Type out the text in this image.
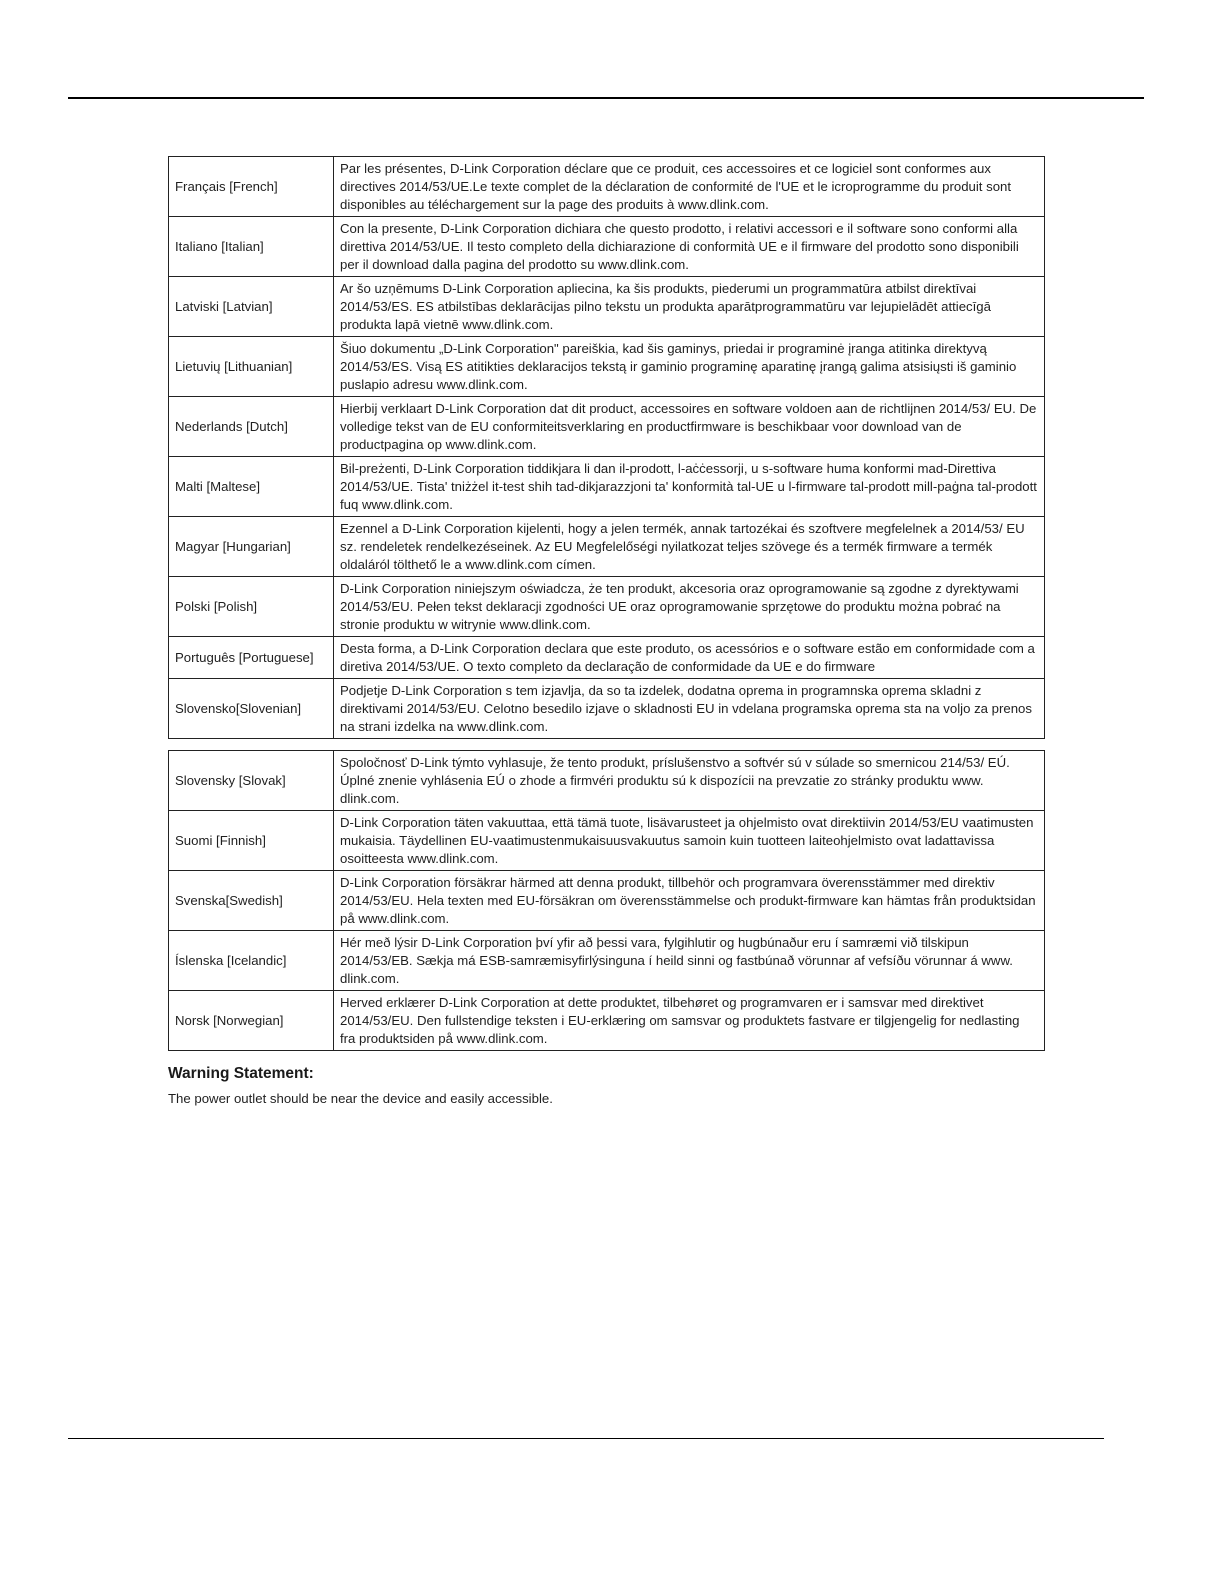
Français [French]	Par les présentes, D-Link Corporation déclare que ce produit, ces accessoires et ce logiciel sont conformes aux directives 2014/53/UE.Le texte complet de la déclaration de conformité de l'UE et le icroprogramme du produit sont disponibles au téléchargement sur la page des produits à www.dlink.com.
Italiano [Italian]	Con la presente, D-Link Corporation dichiara che questo prodotto, i relativi accessori e il software sono conformi alla direttiva 2014/53/UE. Il testo completo della dichiarazione di conformità UE e il firmware del prodotto sono disponibili per il download dalla pagina del prodotto su www.dlink.com.
Latviski [Latvian]	Ar šo uzņēmums D-Link Corporation apliecina, ka šis produkts, piederumi un programmatūra atbilst direktīvai 2014/53/ES. ES atbilstības deklarācijas pilno tekstu un produkta aparātprogrammatūru var lejupielādēt attiecīgā produkta lapā vietnē www.dlink.com.
Lietuvių [Lithuanian]	Šiuo dokumentu „D-Link Corporation" pareiškia, kad šis gaminys, priedai ir programinė įranga atitinka direktyvą 2014/53/ES. Visą ES atitikties deklaracijos tekstą ir gaminio programinę aparatinę įrangą galima atsisiųsti iš gaminio puslapio adresu www.dlink.com.
Nederlands [Dutch]	Hierbij verklaart D-Link Corporation dat dit product, accessoires en software voldoen aan de richtlijnen 2014/53/ EU. De volledige tekst van de EU conformiteitsverklaring en productfirmware is beschikbaar voor download van de productpagina op www.dlink.com.
Malti [Maltese]	Bil-preżenti, D-Link Corporation tiddikjara li dan il-prodott, l-aċċessorji, u s-software huma konformi mad-Direttiva 2014/53/UE. Tista' tniżżel it-test shih tad-dikjarazzjoni ta' konformità tal-UE u l-firmware tal-prodott mill-paġna tal-prodott fuq www.dlink.com.
Magyar [Hungarian]	Ezennel a D-Link Corporation kijelenti, hogy a jelen termék, annak tartozékai és szoftvere megfelelnek a 2014/53/ EU sz. rendeletek rendelkezéseinek. Az EU Megfelelőségi nyilatkozat teljes szövege és a termék firmware a termék oldaláról tölthető le a www.dlink.com címen.
Polski [Polish]	D-Link Corporation niniejszym oświadcza, że ten produkt, akcesoria oraz oprogramowanie są zgodne z dyrektywami 2014/53/EU. Pełen tekst deklaracji zgodności UE oraz oprogramowanie sprzętowe do produktu można pobrać na stronie produktu w witrynie www.dlink.com.
Português [Portuguese]	Desta forma, a D-Link Corporation declara que este produto, os acessórios e o software estão em conformidade com a diretiva 2014/53/UE. O texto completo da declaração de conformidade da UE e do firmware
Slovensko[Slovenian]	Podjetje D-Link Corporation s tem izjavlja, da so ta izdelek, dodatna oprema in programnska oprema skladni z direktivami 2014/53/EU. Celotno besedilo izjave o skladnosti EU in vdelana programska oprema sta na voljo za prenos na strani izdelka na www.dlink.com.
Slovensky [Slovak]	Spoločnosť D-Link týmto vyhlasuje, že tento produkt, príslušenstvo a softvér sú v súlade so smernicou 214/53/ EÚ. Úplné znenie vyhlásenia EÚ o zhode a firmvéri produktu sú k dispozícii na prevzatie zo stránky produktu www. dlink.com.
Suomi [Finnish]	D-Link Corporation täten vakuuttaa, että tämä tuote, lisävarusteet ja ohjelmisto ovat direktiivin 2014/53/EU vaatimusten mukaisia. Täydellinen EU-vaatimustenmukaisuusvakuutus samoin kuin tuotteen laiteohjelmisto ovat ladattavissa osoitteesta www.dlink.com.
Svenska[Swedish]	D-Link Corporation försäkrar härmed att denna produkt, tillbehör och programvara överensstämmer med direktiv 2014/53/EU. Hela texten med EU-försäkran om överensstämmelse och produkt-firmware kan hämtas från produktsidan på www.dlink.com.
Íslenska [Icelandic]	Hér með lýsir D-Link Corporation því yfir að þessi vara, fylgihlutir og hugbúnaður eru í samræmi við tilskipun 2014/53/EB. Sækja má ESB-samræmisyfirlýsinguna í heild sinni og fastbúnað vörunnar af vefsíðu vörunnar á www. dlink.com.
Norsk [Norwegian]	Herved erklærer D-Link Corporation at dette produktet, tilbehøret og programvaren er i samsvar med direktivet 2014/53/EU. Den fullstendige teksten i EU-erklæring om samsvar og produktets fastvare er tilgjengelig for nedlasting fra produktsiden på www.dlink.com.
Warning Statement:

The power outlet should be near the device and easily accessible.
